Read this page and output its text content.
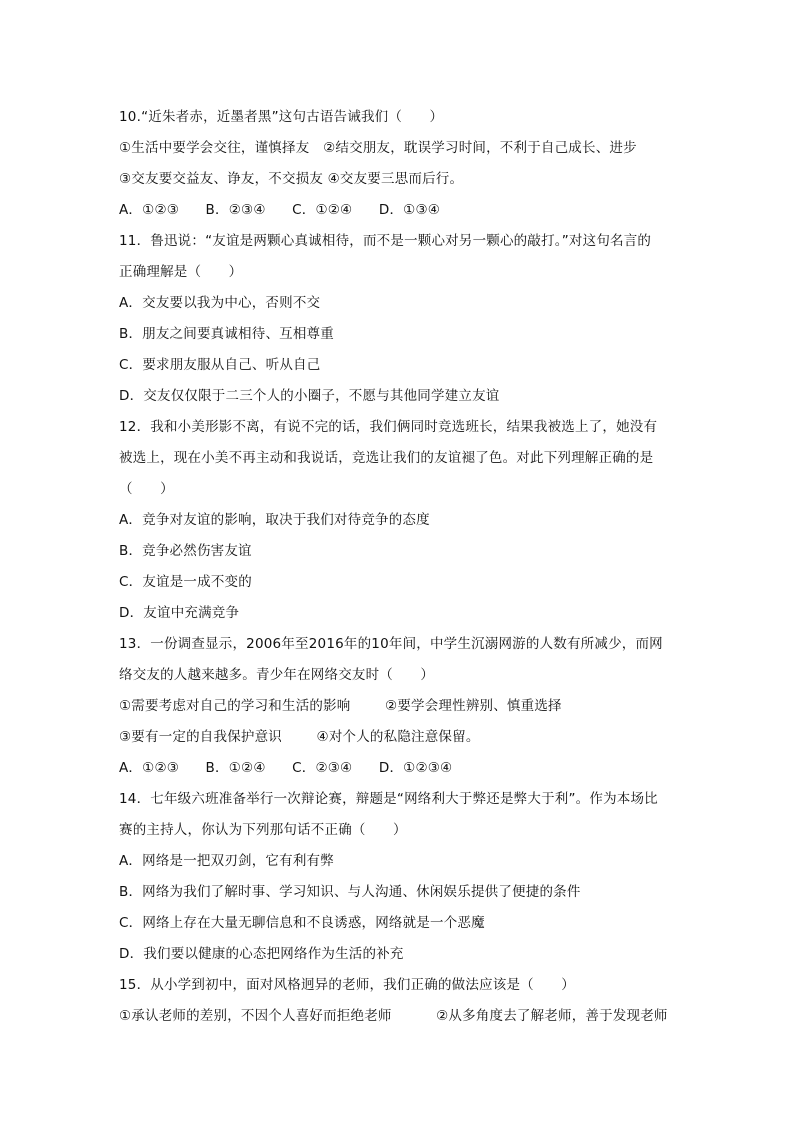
10.“近朱者赤，近墨者黑”这句古语告诫我们（　　）
①生活中要学会交往，谨慎择友　②结交朋友，耽误学习时间，不利于自己成长、进步
③交友要交益友、诤友，不交损友 ④交友要三思而后行。
A．①②③ B．②③④ C．①②④ D．①③④
11．鲁迅说：“友谊是两颗心真诚相待，而不是一颗心对另一颗心的敲打。”对这句名言的
正确理解是（　　）
A．交友要以我为中心，否则不交
B．朋友之间要真诚相待、互相尊重
C．要求朋友服从自己、听从自己
D．交友仅仅限于二三个人的小圈子，不愿与其他同学建立友谊
12．我和小美形影不离，有说不完的话，我们俩同时竞选班长，结果我被选上了，她没有
被选上，现在小美不再主动和我说话，竞选让我们的友谊褪了色。对此下列理解正确的是
（　　）
A．竞争对友谊的影响，取决于我们对待竞争的态度
B．竞争必然伤害友谊
C．友谊是一成不变的
D．友谊中充满竞争
13．一份调查显示，2006年至2016年的10年间，中学生沉溺网游的人数有所减少，而网
络交友的人越来越多。青少年在网络交友时（　　）
①需要考虑对自己的学习和生活的影响	②要学会理性辨别、慎重选择
③要有一定的自我保护意识	④对个人的私隐注意保留。
A．①②③ B．①②④ C．②③④ D．①②③④
14．七年级六班准备举行一次辩论赛，辩题是“网络利大于弊还是弊大于利”。作为本场比
赛的主持人，你认为下列那句话不正确（　　）
A．网络是一把双刃剑，它有利有弊
B．网络为我们了解时事、学习知识、与人沟通、休闲娱乐提供了便捷的条件
C．网络上存在大量无聊信息和不良诱惑，网络就是一个恶魔
D．我们要以健康的心态把网络作为生活的补充
15．从小学到初中，面对风格迥异的老师，我们正确的做法应该是（　　）
①承认老师的差别，不因个人喜好而拒绝老师	②从多角度去了解老师，善于发现老师
